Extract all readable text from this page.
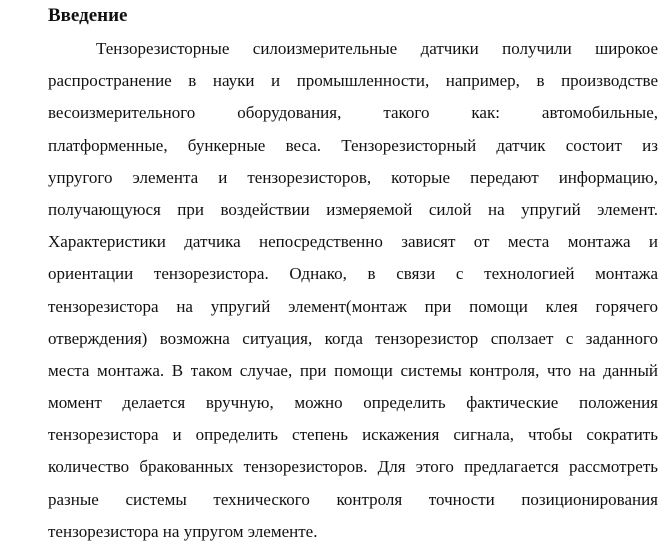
Введение
Тензорезисторные силоизмерительные датчики получили широкое
распространение в науки и промышленности, например, в производстве
весоизмерительного оборудования, такого как: автомобильные,
платформенные, бункерные веса. Тензорезисторный датчик состоит из
упругого элемента и тензорезисторов, которые передают информацию,
получающуюся при воздействии измеряемой силой на упругий элемент.
Характеристики датчика непосредственно зависят от места монтажа и
ориентации тензорезистора. Однако, в связи с технологией монтажа
тензорезистора на упругий элемент(монтаж при помощи клея горячего
отверждения) возможна ситуация, когда тензорезистор сползает с заданного
места монтажа. В таком случае, при помощи системы контроля, что на данный
момент делается вручную, можно определить фактические положения
тензорезистора и определить степень искажения сигнала, чтобы сократить
количество бракованных тензорезисторов. Для этого предлагается рассмотреть
разные системы технического контроля точности позиционирования
тензорезистора на упругом элементе.
